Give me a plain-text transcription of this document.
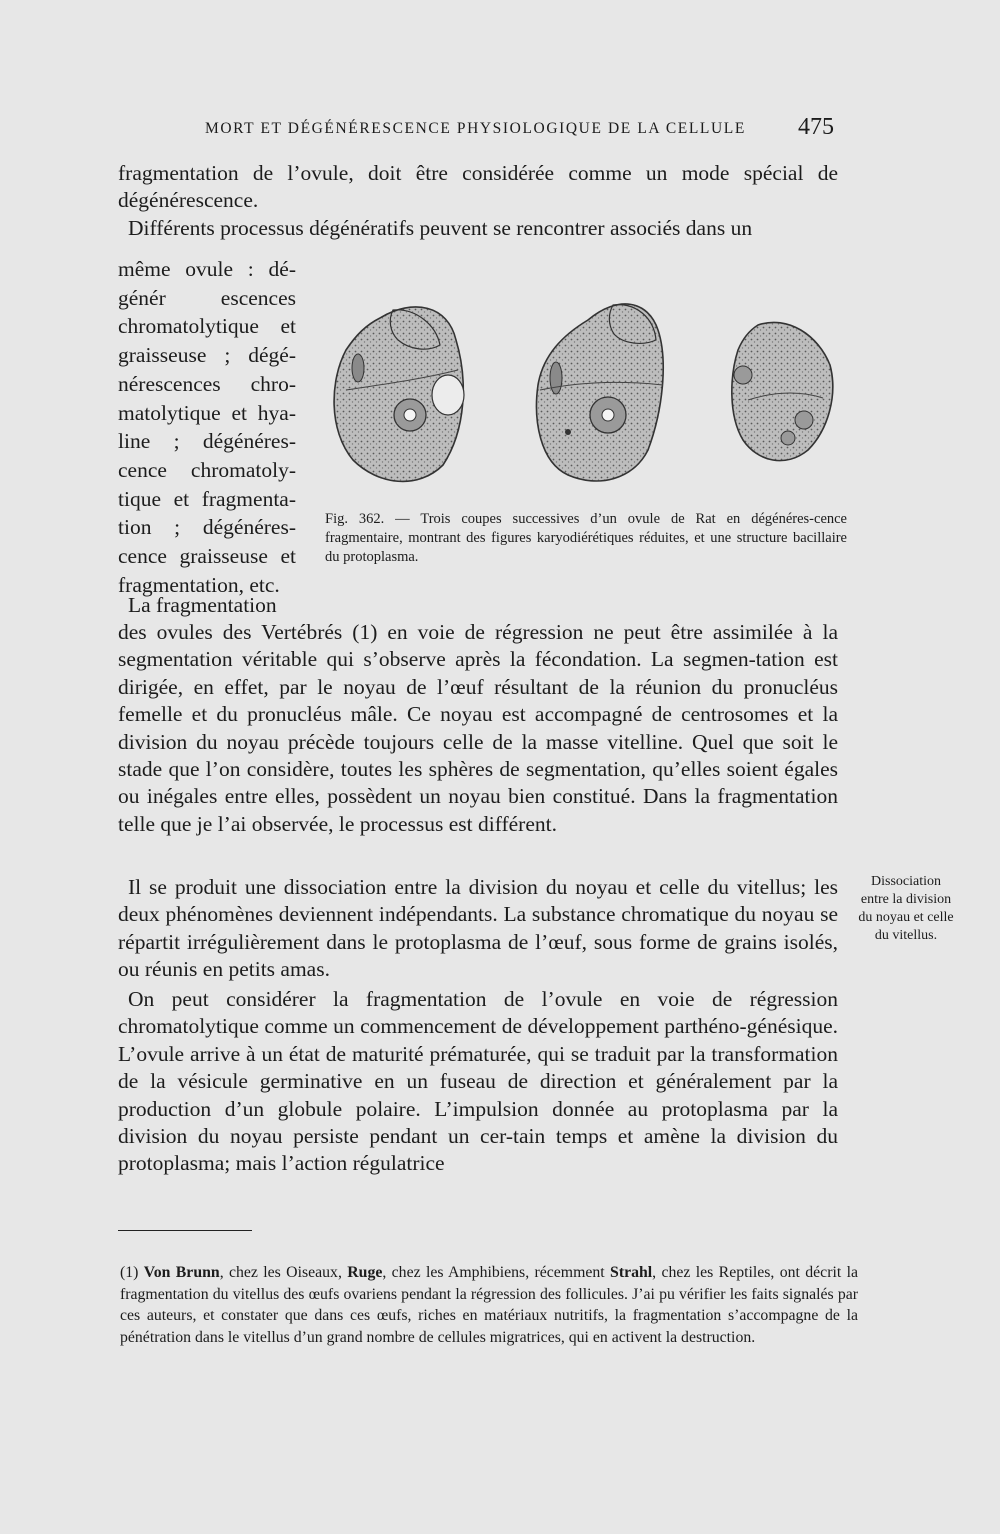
MORT ET DÉGÉNÉRESCENCE PHYSIOLOGIQUE DE LA CELLULE	475
fragmentation de l’ovule, doit être considérée comme un mode spécial de dégénérescence.
Différents processus dégénératifs peuvent se rencontrer associés dans un
même ovule : dé-génér escences chromatolytique et graisseuse ; dégé-nérescences chro-matolytique et hya-line ; dégénéres-cence chromatoly-tique et fragmenta-tion ; dégénéres-cence graisseuse et fragmentation, etc.
Fig. 362. — Trois coupes successives d’un ovule de Rat en dégénéres-cence fragmentaire, montrant des figures karyodiérétiques réduites, et une structure bacillaire du protoplasma.
La fragmentation
des ovules des Vertébrés (1) en voie de régression ne peut être assimilée à la segmentation véritable qui s’observe après la fécondation. La segmen-tation est dirigée, en effet, par le noyau de l’œuf résultant de la réunion du pronucléus femelle et du pronucléus mâle. Ce noyau est accompagné de centrosomes et la division du noyau précède toujours celle de la masse vitelline. Quel que soit le stade que l’on considère, toutes les sphères de segmentation, qu’elles soient égales ou inégales entre elles, possèdent un noyau bien constitué. Dans la fragmentation telle que je l’ai observée, le processus est différent.
Il se produit une dissociation entre la division du noyau et celle du vitellus; les deux phénomènes deviennent indépendants. La substance chromatique du noyau se répartit irrégulièrement dans le protoplasma de l’œuf, sous forme de grains isolés, ou réunis en petits amas.
Dissociation entre la division du noyau et celle du vitellus.
On peut considérer la fragmentation de l’ovule en voie de régression chromatolytique comme un commencement de développement parthéno-génésique. L’ovule arrive à un état de maturité prématurée, qui se traduit par la transformation de la vésicule germinative en un fuseau de direction et généralement par la production d’un globule polaire. L’impulsion donnée au protoplasma par la division du noyau persiste pendant un cer-tain temps et amène la division du protoplasma; mais l’action régulatrice
(1) Von Brunn, chez les Oiseaux, Ruge, chez les Amphibiens, récemment Strahl, chez les Reptiles, ont décrit la fragmentation du vitellus des œufs ovariens pendant la régression des follicules. J’ai pu vérifier les faits signalés par ces auteurs, et constater que dans ces œufs, riches en matériaux nutritifs, la fragmentation s’accompagne de la pénétration dans le vitellus d’un grand nombre de cellules migratrices, qui en activent la destruction.
